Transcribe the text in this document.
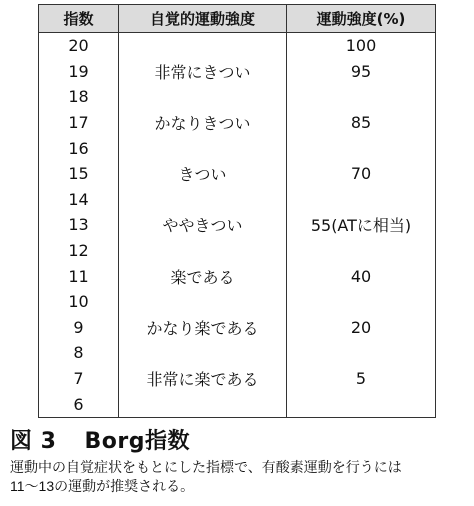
指数	自覚的運動強度	運動強度(%)
20		100
19	非常にきつい	95
18		
17	かなりきつい	85
16		
15	きつい	70
14		
13	ややきつい	55(ATに相当)
12		
11	楽である	40
10		
9	かなり楽である	20
8		
7	非常に楽である	5
6		
図 3 Borg指数
運動中の自覚症状をもとにした指標で、有酸素運動を行うには
11～13の運動が推奨される。
